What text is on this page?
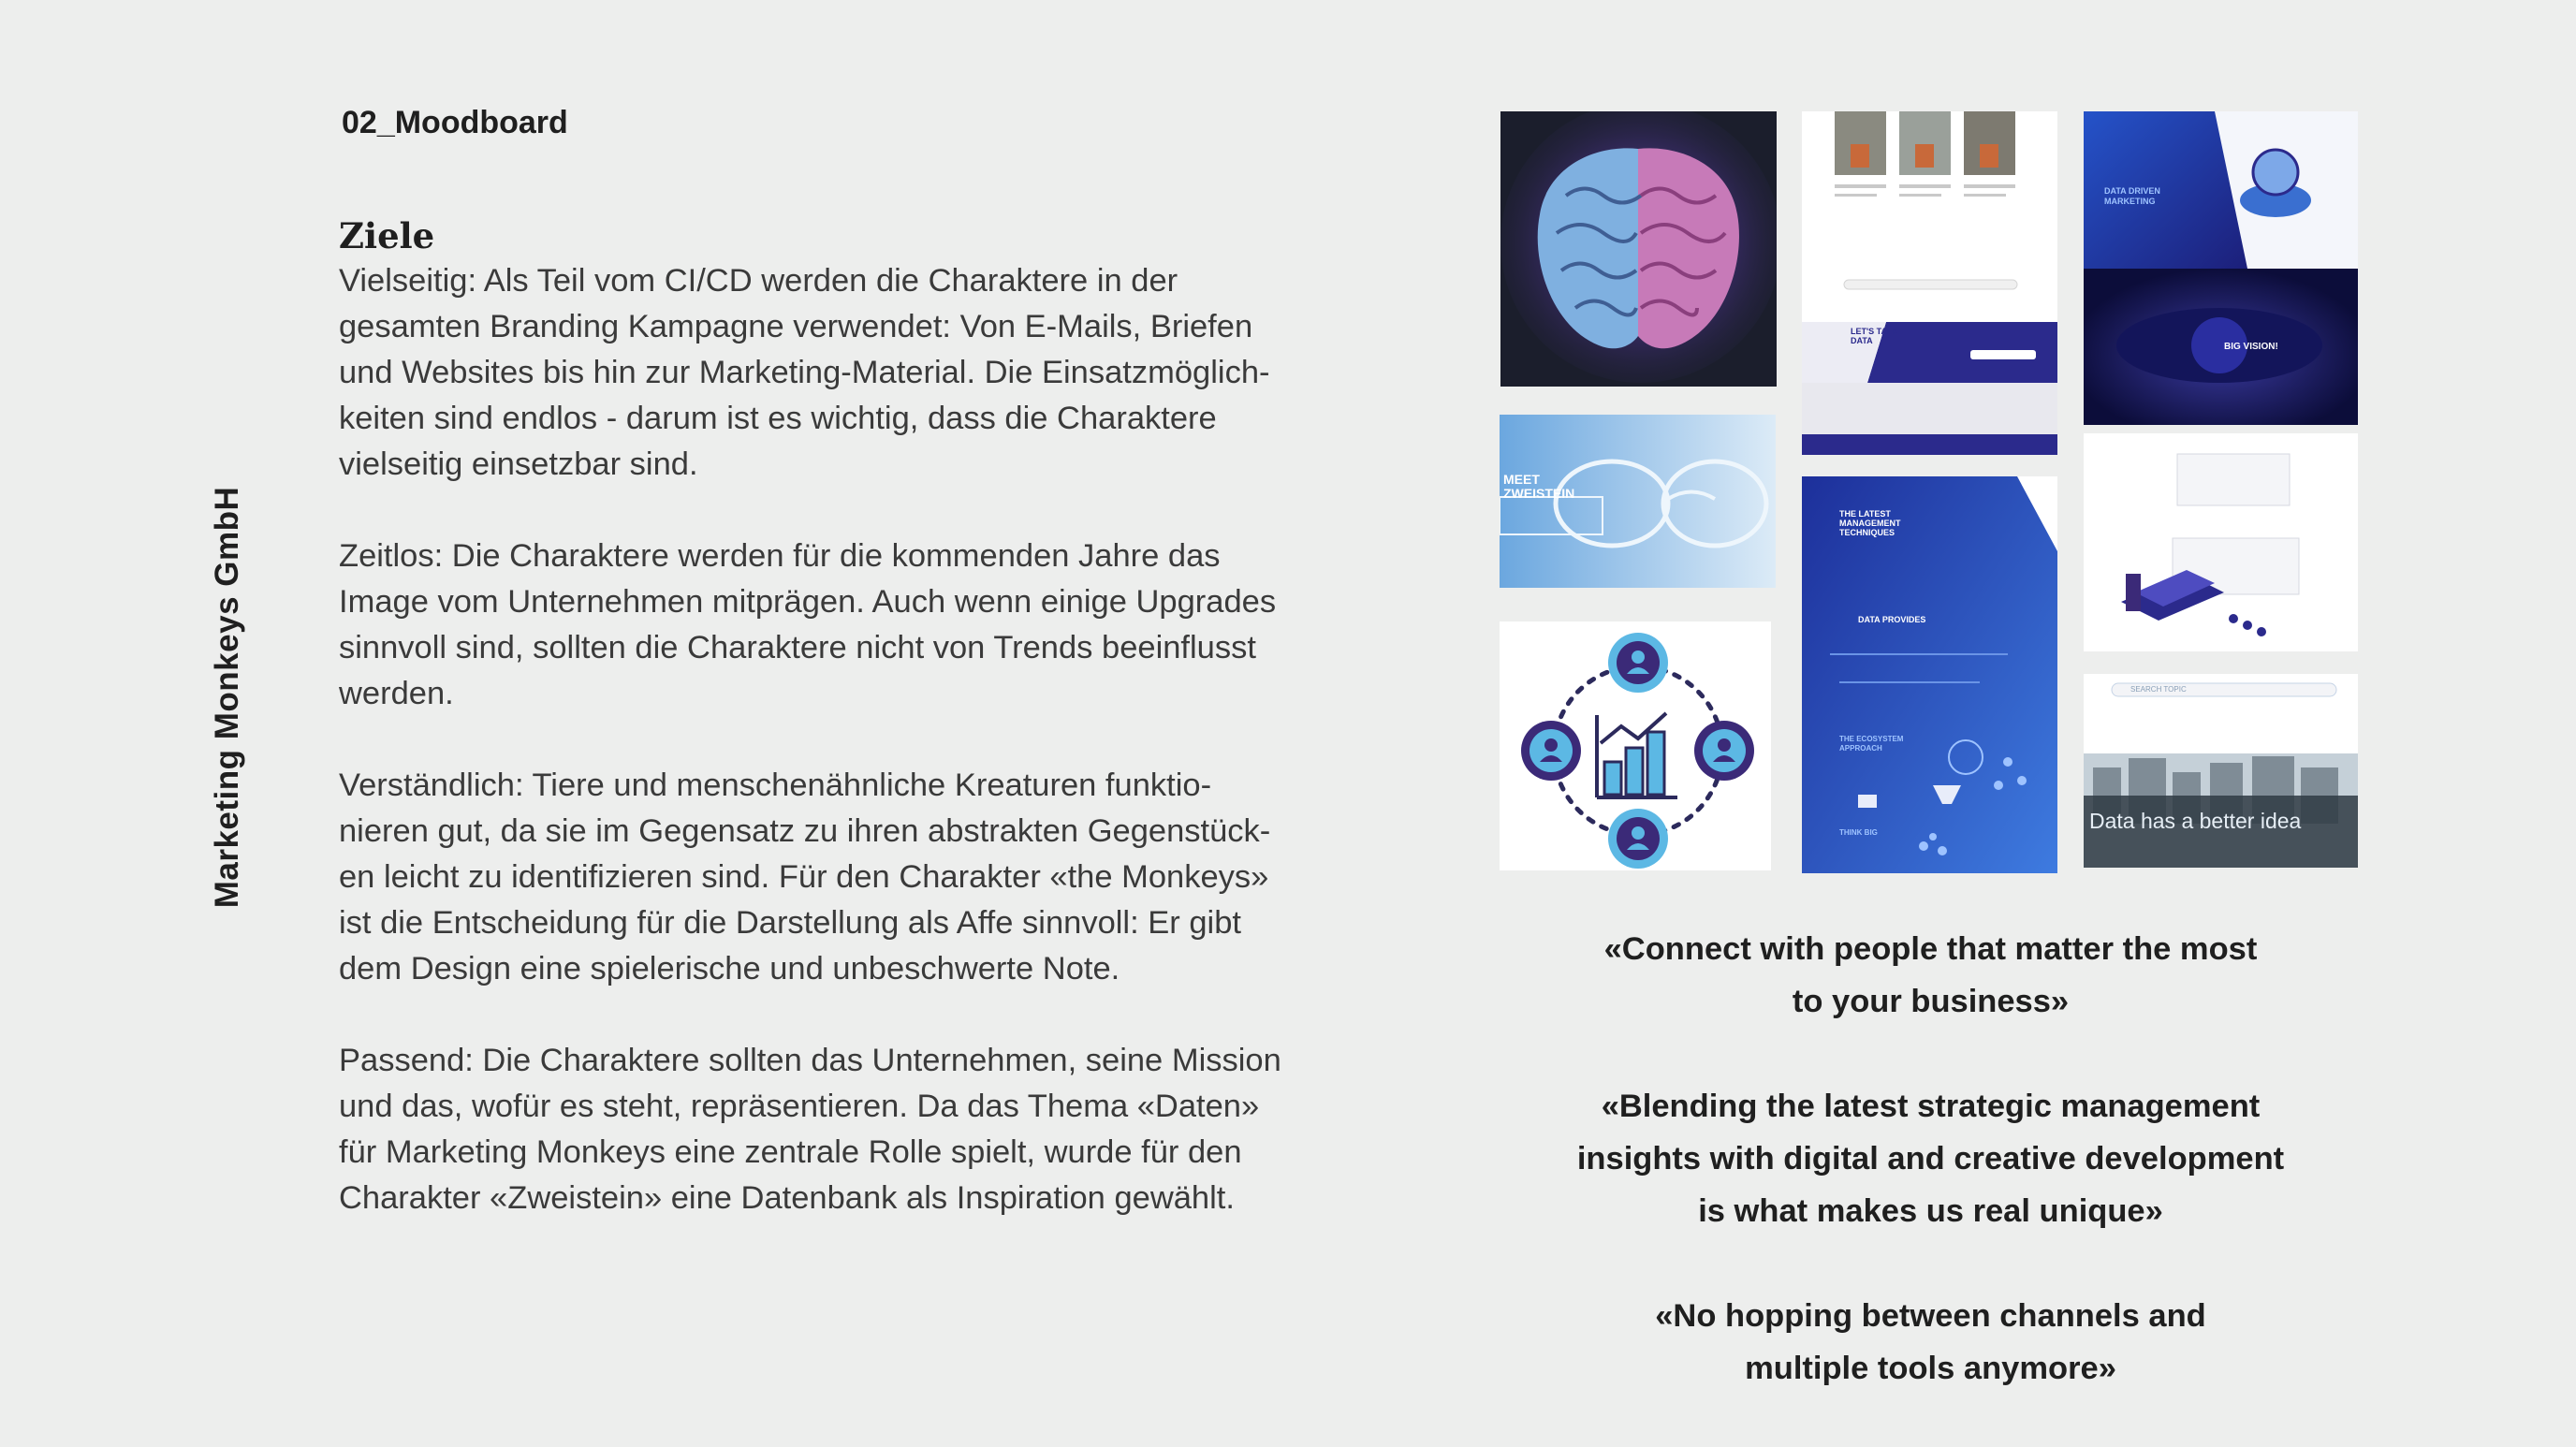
Marketing Monkeys GmbH
02_Moodboard
Ziele

Vielseitig: Als Teil vom CI/CD werden die Charaktere in der
gesamten Branding Kampagne verwendet: Von E-Mails, Briefen
und Websites bis hin zur Marketing-Material. Die Einsatzmöglich-
keiten sind endlos - darum ist es wichtig, dass die Charaktere
vielseitig einsetzbar sind.

Zeitlos: Die Charaktere werden für die kommenden Jahre das
Image vom Unternehmen mitprägen. Auch wenn einige Upgrades
sinnvoll sind, sollten die Charaktere nicht von Trends beeinflusst
werden.

Verständlich: Tiere und menschenähnliche Kreaturen funktio-
nieren gut, da sie im Gegensatz zu ihren abstrakten Gegenstück-
en leicht zu identifizieren sind. Für den Charakter «the Monkeys»
ist die Entscheidung für die Darstellung als Affe sinnvoll: Er gibt
dem Design eine spielerische und unbeschwerte Note.

Passend: Die Charaktere sollten das Unternehmen, seine Mission
und das, wofür es steht, repräsentieren. Da das Thema «Daten»
für Marketing Monkeys eine zentrale Rolle spielt, wurde für den
Charakter «Zweistein» eine Datenbank als Inspiration gewählt.

LET'S TALK
DATA
DATA DRIVEN
MARKETING
BIG VISION!
MEET
ZWEISTEIN
THE LATEST
MANAGEMENT
TECHNIQUES
DATA PROVIDES
THE ECOSYSTEM
APPROACH
THINK BIG
SEARCH TOPIC
Data has a better idea

«Connect with people that matter the most
to your business»

«Blending the latest strategic management
insights with digital and creative development
is what makes us real unique»

«No hopping between channels and
multiple tools anymore»
